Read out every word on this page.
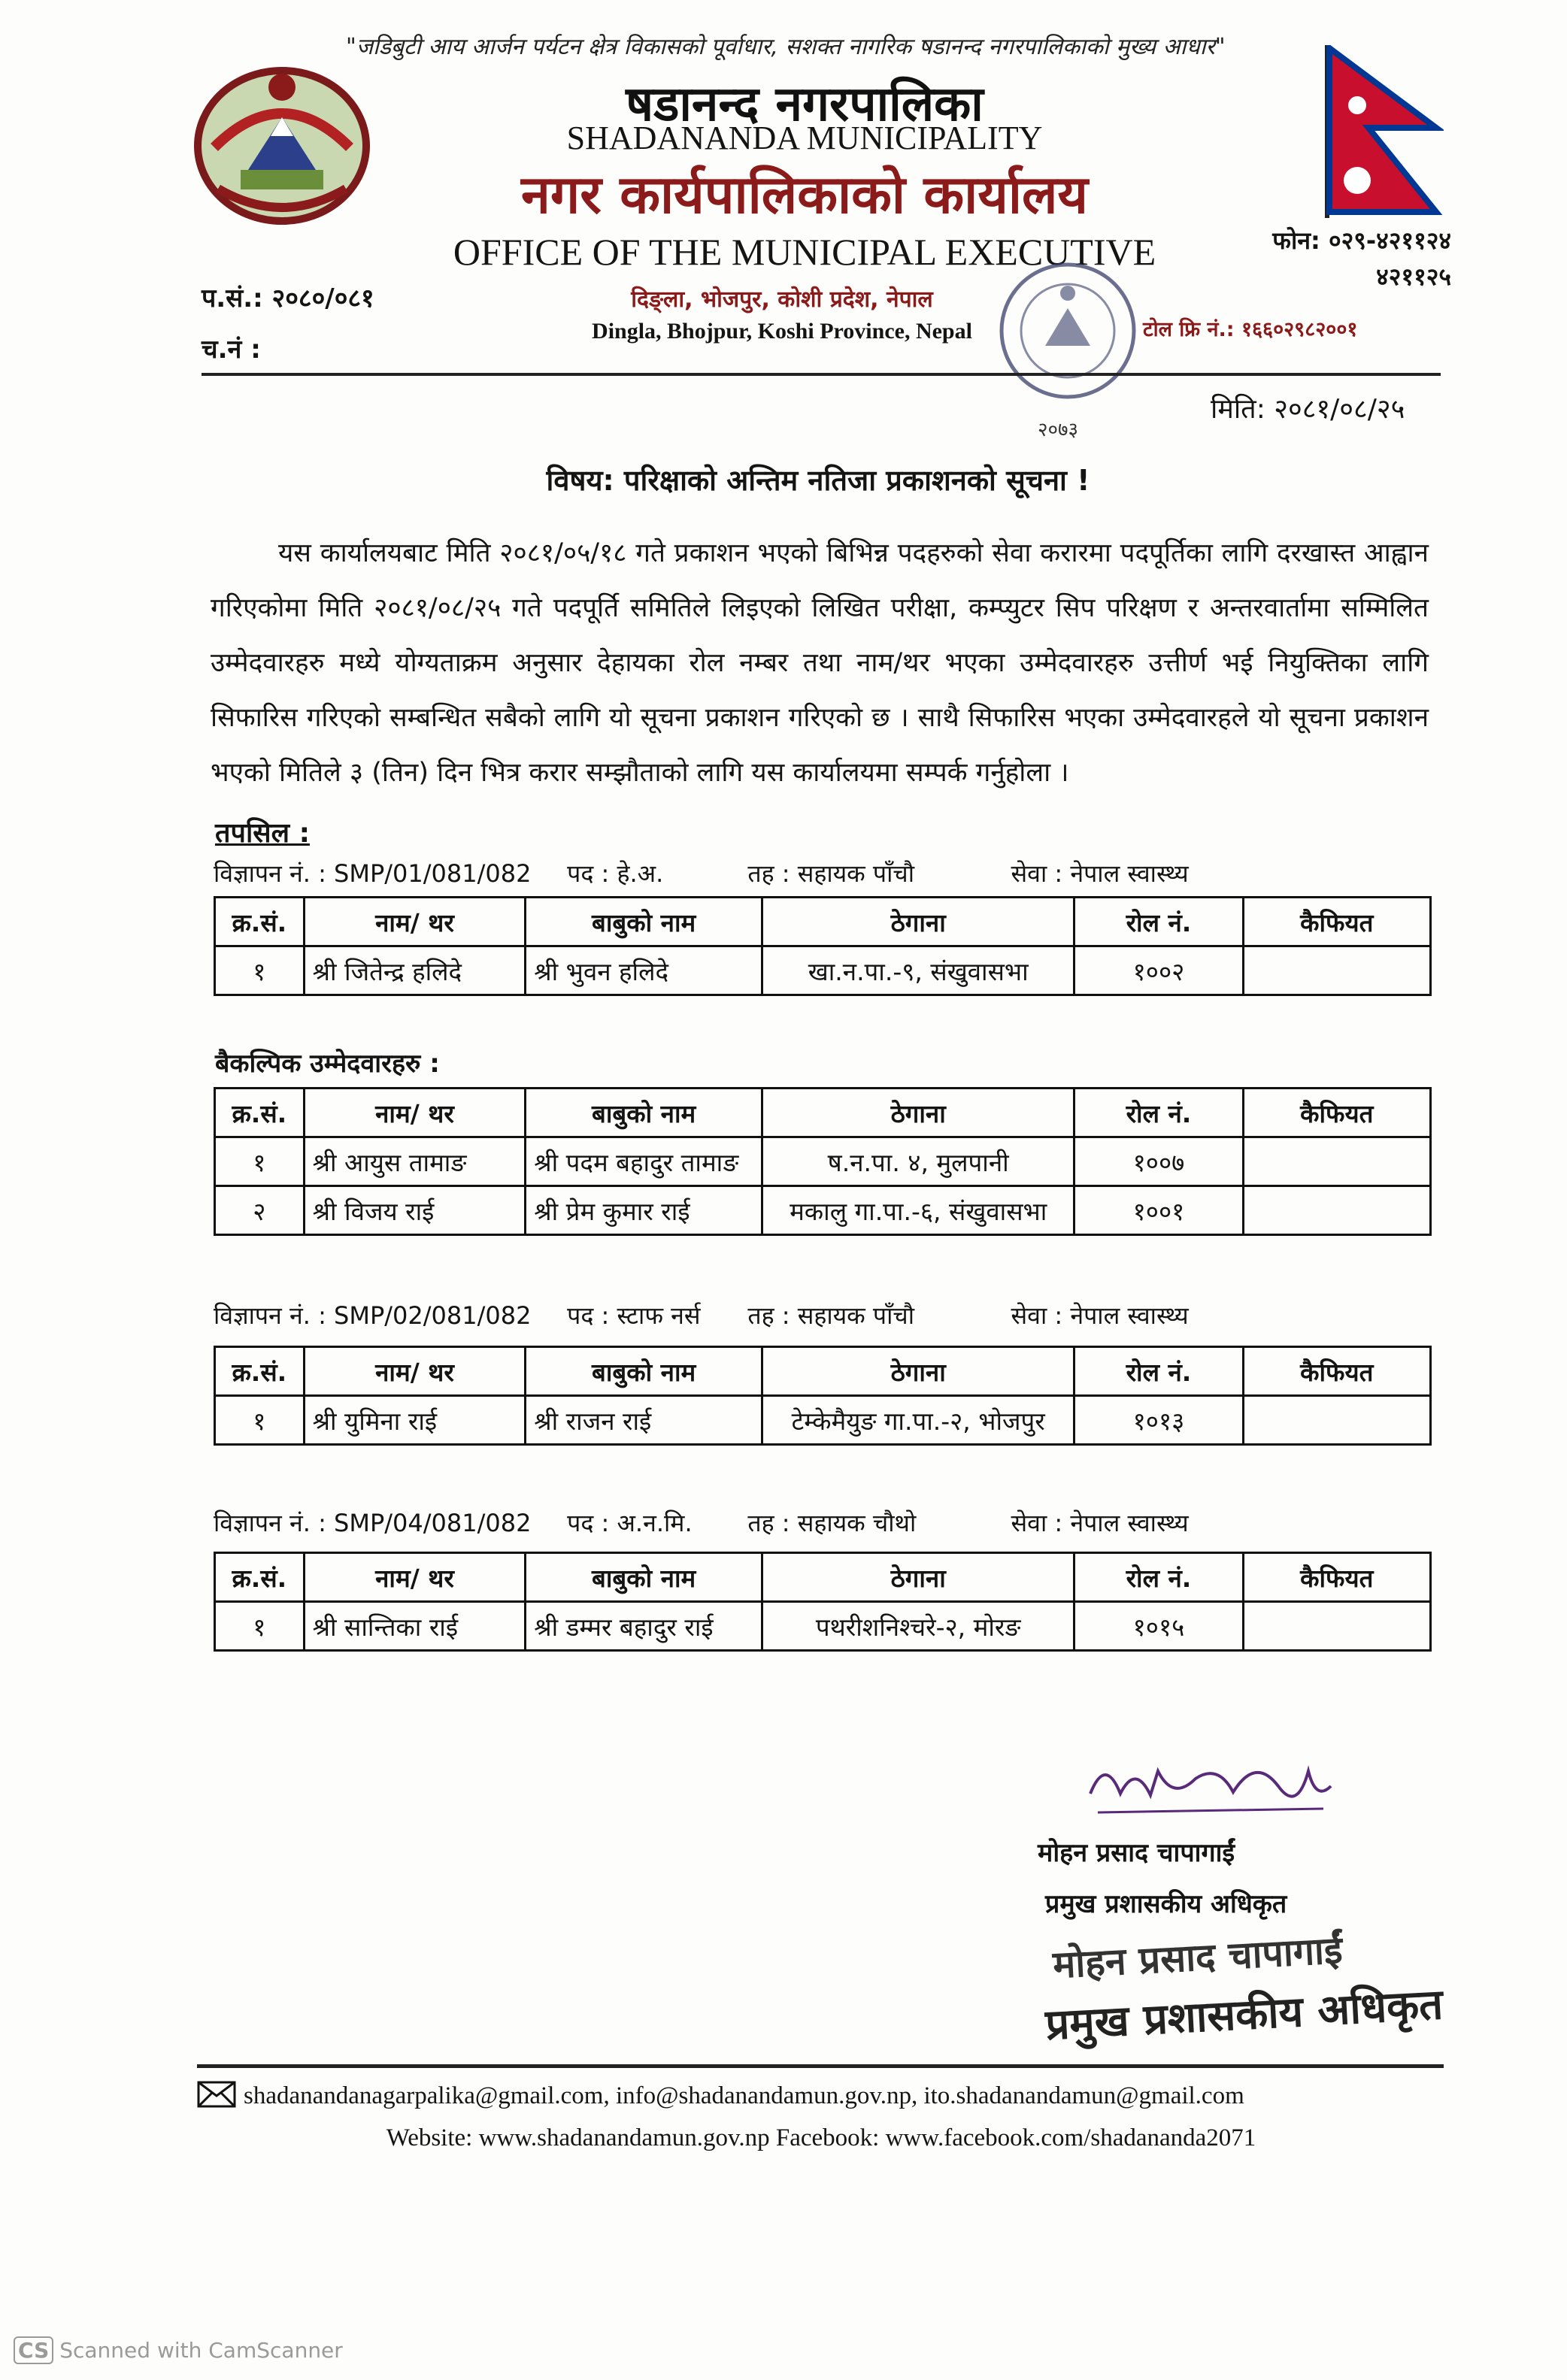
"जडिबुटी आय आर्जन पर्यटन क्षेत्र विकासको पूर्वाधार, सशक्त नागरिक षडानन्द नगरपालिकाको मुख्य आधार"
षडानन्द नगरपालिका
SHADANANDA MUNICIPALITY
नगर कार्यपालिकाको कार्यालय
OFFICE OF THE MUNICIPAL EXECUTIVE
दिङ्ला, भोजपुर, कोशी प्रदेश, नेपाल
Dingla, Bhojpur, Koshi Province, Nepal
फोन: ०२९-४२११२४
४२११२५
टोल फ्रि नं.: १६६०२९८२००१
प.सं.: २०८०/०८१
च.नं :
२०७३
मिति: २०८१/०८/२५
विषय: परिक्षाको अन्तिम नतिजा प्रकाशनको सूचना !

यस कार्यालयबाट मिति २०८१/०५/१८ गते प्रकाशन भएको बिभिन्न पदहरुको सेवा करारमा पदपूर्तिका लागि दरखास्त आह्वान गरिएकोमा मिति २०८१/०८/२५ गते पदपूर्ति समितिले लिइएको लिखित परीक्षा, कम्प्युटर सिप परिक्षण र अन्तरवार्तामा सम्मिलित उम्मेदवारहरु मध्ये योग्यताक्रम अनुसार देहायका रोल नम्बर तथा नाम/थर भएका उम्मेदवारहरु उत्तीर्ण भई नियुक्तिका लागि सिफारिस गरिएको सम्बन्धित सबैको लागि यो सूचना प्रकाशन गरिएको छ । साथै सिफारिस भएका उम्मेदवारहले यो सूचना प्रकाशन भएको मितिले ३ (तिन) दिन भित्र करार सम्झौताको लागि यस कार्यालयमा सम्पर्क गर्नुहोला ।

तपसिल :
विज्ञापन नं. : SMP/01/081/082 पद : हे.अ.	तह : सहायक पाँचौ	सेवा : नेपाल स्वास्थ्य
क्र.सं.	नाम/ थर	बाबुको नाम	ठेगाना	रोल नं.	कैफियत
१	श्री जितेन्द्र हलिदे	श्री भुवन हलिदे	खा.न.पा.-९, संखुवासभा	१००२	
बैकल्पिक उम्मेदवारहरु :
क्र.सं.	नाम/ थर	बाबुको नाम	ठेगाना	रोल नं.	कैफियत
१	श्री आयुस तामाङ	श्री पदम बहादुर तामाङ	ष.न.पा. ४, मुलपानी	१००७	
२	श्री विजय राई	श्री प्रेम कुमार राई	मकालु गा.पा.-६, संखुवासभा	१००१	
विज्ञापन नं. : SMP/02/081/082 पद : स्टाफ नर्स तह : सहायक पाँचौ	सेवा : नेपाल स्वास्थ्य
क्र.सं.	नाम/ थर	बाबुको नाम	ठेगाना	रोल नं.	कैफियत
१	श्री युमिना राई	श्री राजन राई	टेम्केमैयुङ गा.पा.-२, भोजपुर	१०१३	
विज्ञापन नं. : SMP/04/081/082 पद : अ.न.मि. तह : सहायक चौथो	सेवा : नेपाल स्वास्थ्य
क्र.सं.	नाम/ थर	बाबुको नाम	ठेगाना	रोल नं.	कैफियत
१	श्री सान्तिका राई	श्री डम्मर बहादुर राई	पथरीशनिश्चरे-२, मोरङ	१०१५	
मोहन प्रसाद चापागाईं
प्रमुख प्रशासकीय अधिकृत
मोहन प्रसाद चापागाईं
प्रमुख प्रशासकीय अधिकृत
shadanandanagarpalika@gmail.com, info@shadanandamun.gov.np, ito.shadanandamun@gmail.com
Website: www.shadanandamun.gov.np Facebook: www.facebook.com/shadananda2071
CS Scanned with CamScanner
